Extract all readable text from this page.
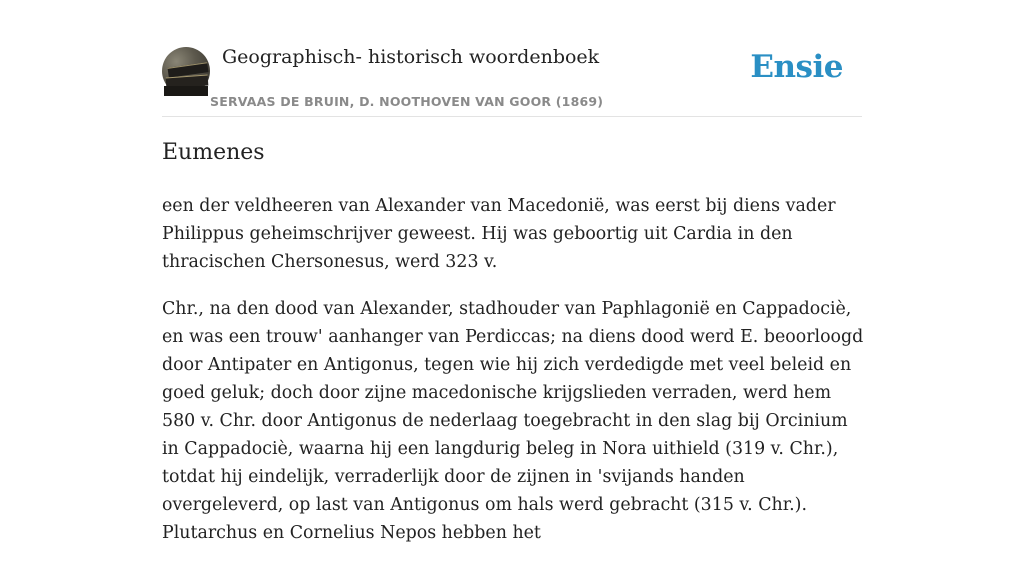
Geographisch- historisch woordenboek
SERVAAS DE BRUIN, D. NOOTHOVEN VAN GOOR (1869)
Ensie
Eumenes

een der veldheeren van Alexander van Macedonië, was eerst bij diens vader Philippus geheimschrijver geweest. Hij was geboortig uit Cardia in den thracischen Chersonesus, werd 323 v.

Chr., na den dood van Alexander, stadhouder van Paphlagonië en Cappadociè, en was een trouw' aanhanger van Perdiccas; na diens dood werd E. beoorloogd door Antipater en Antigonus, tegen wie hij zich verdedigde met veel beleid en goed geluk; doch door zijne macedonische krijgslieden verraden, werd hem 580 v. Chr. door Antigonus de nederlaag toegebracht in den slag bij Orcinium in Cappadociè, waarna hij een langdurig beleg in Nora uithield (319 v. Chr.), totdat hij eindelijk, verraderlijk door de zijnen in 'svijands handen overgeleverd, op last van Antigonus om hals werd gebracht (315 v. Chr.). Plutarchus en Cornelius Nepos hebben het
